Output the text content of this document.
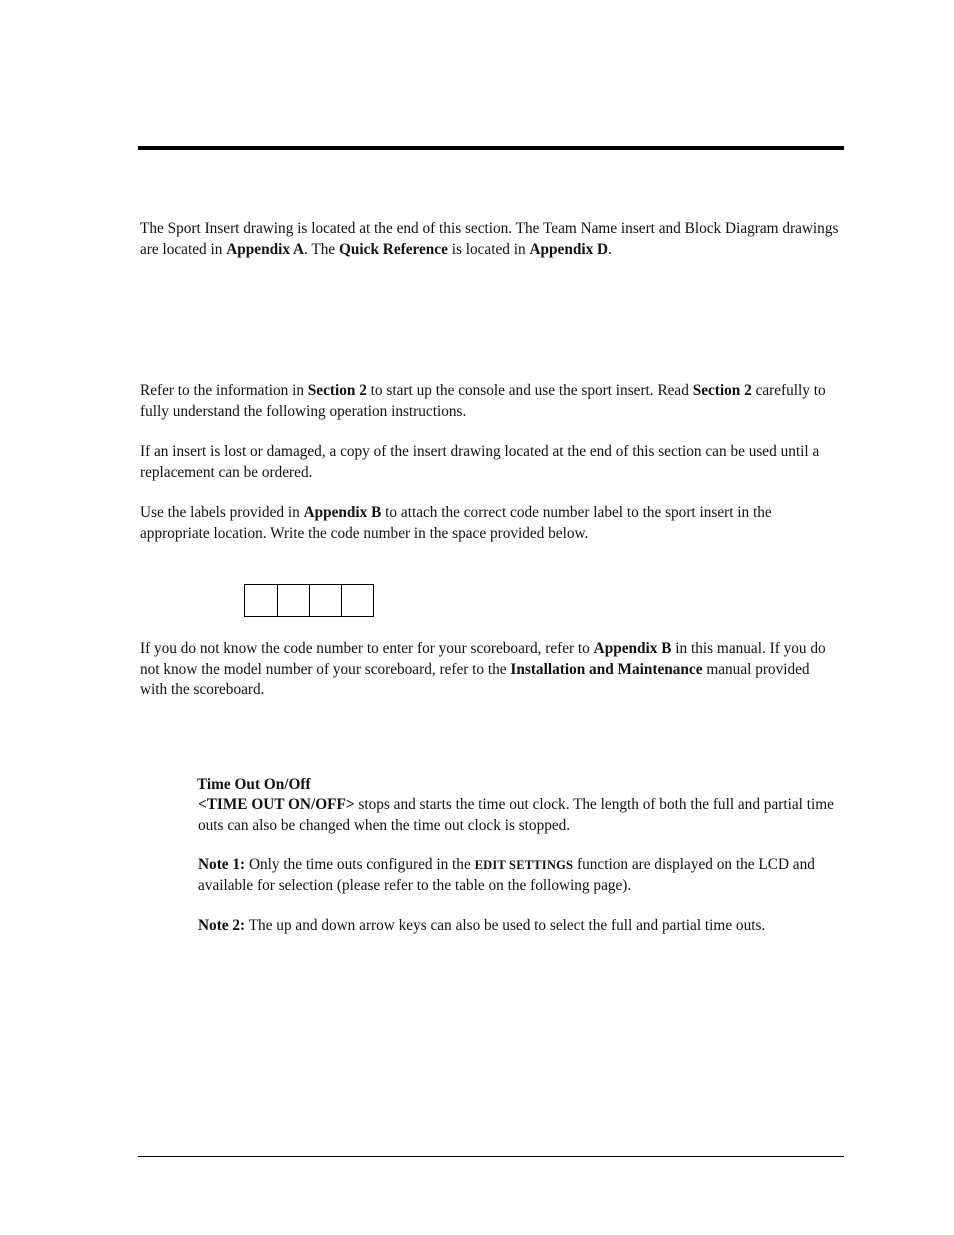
The Sport Insert drawing is located at the end of this section. The Team Name insert and Block Diagram drawings are located in Appendix A. The Quick Reference is located in Appendix D.

Refer to the information in Section 2 to start up the console and use the sport insert. Read Section 2 carefully to fully understand the following operation instructions.

If an insert is lost or damaged, a copy of the insert drawing located at the end of this section can be used until a replacement can be ordered.

Use the labels provided in Appendix B to attach the correct code number label to the sport insert in the appropriate location. Write the code number in the space provided below.

If you do not know the code number to enter for your scoreboard, refer to Appendix B in this manual. If you do not know the model number of your scoreboard, refer to the Installation and Maintenance manual provided with the scoreboard.

Time Out On/Off

<TIME OUT ON/OFF> stops and starts the time out clock. The length of both the full and partial time outs can also be changed when the time out clock is stopped.

Note 1: Only the time outs configured in the EDIT SETTINGS function are displayed on the LCD and available for selection (please refer to the table on the following page).

Note 2: The up and down arrow keys can also be used to select the full and partial time outs.
